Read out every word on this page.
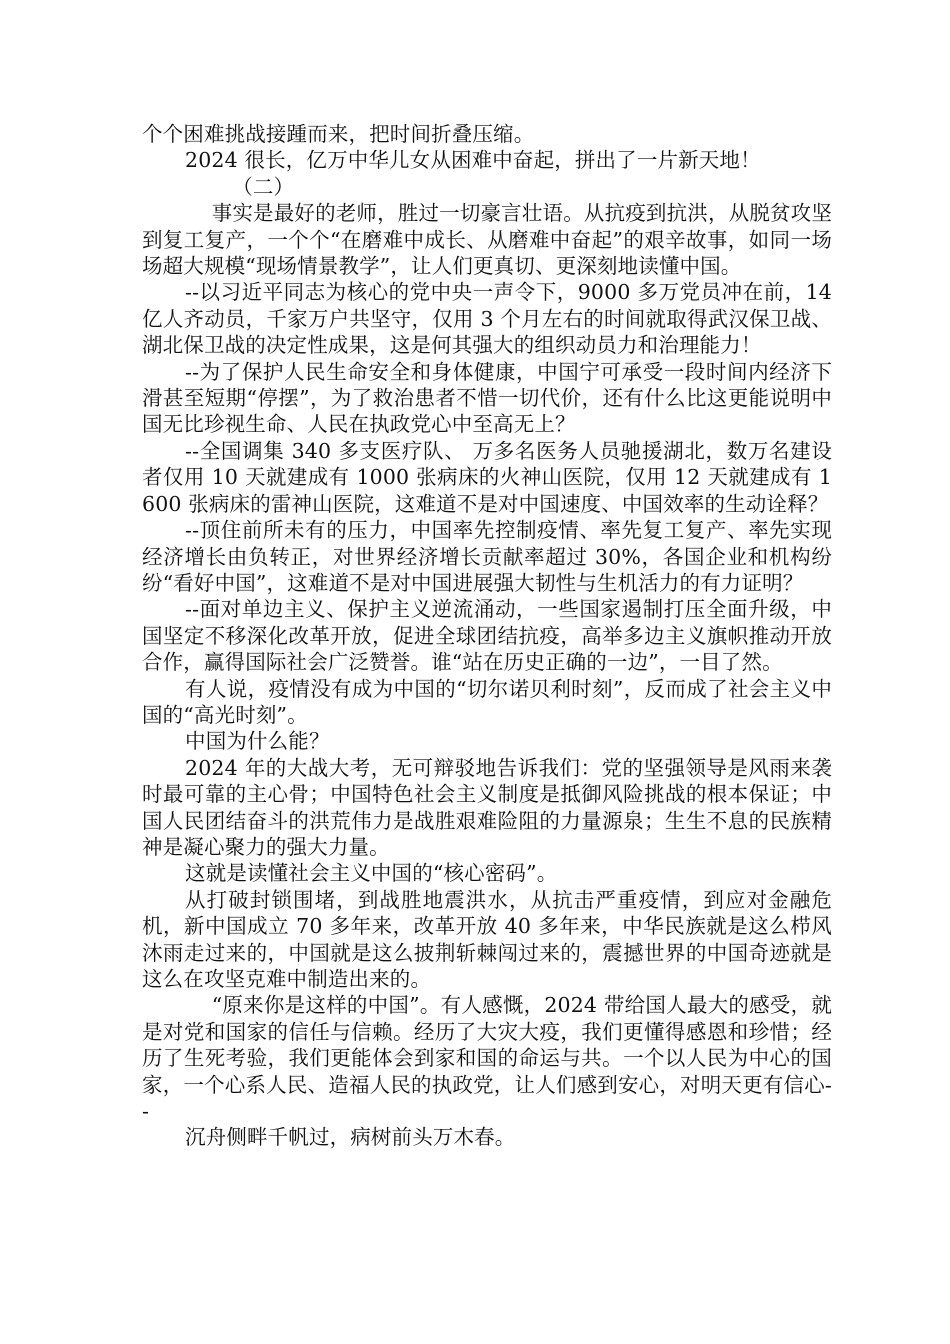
个个困难挑战接踵而来，把时间折叠压缩。

2024 很长，亿万中华儿女从困难中奋起，拼出了一片新天地！

（二）

事实是最好的老师，胜过一切豪言壮语。从抗疫到抗洪，从脱贫攻坚到复工复产，一个个“在磨难中成长、从磨难中奋起”的艰辛故事，如同一场场超大规模“现场情景教学”，让人们更真切、更深刻地读懂中国。

--以习近平同志为核心的党中央一声令下，9000 多万党员冲在前，14 亿人齐动员，千家万户共坚守，仅用 3 个月左右的时间就取得武汉保卫战、湖北保卫战的决定性成果，这是何其强大的组织动员力和治理能力！

--为了保护人民生命安全和身体健康，中国宁可承受一段时间内经济下滑甚至短期“停摆”，为了救治患者不惜一切代价，还有什么比这更能说明中国无比珍视生命、人民在执政党心中至高无上？

--全国调集 340 多支医疗队、 万多名医务人员驰援湖北，数万名建设者仅用 10 天就建成有 1000 张病床的火神山医院，仅用 12 天就建成有 1600 张病床的雷神山医院，这难道不是对中国速度、中国效率的生动诠释？

--顶住前所未有的压力，中国率先控制疫情、率先复工复产、率先实现经济增长由负转正，对世界经济增长贡献率超过 30%，各国企业和机构纷纷“看好中国”，这难道不是对中国进展强大韧性与生机活力的有力证明？

--面对单边主义、保护主义逆流涌动，一些国家遏制打压全面升级，中国坚定不移深化改革开放，促进全球团结抗疫，高举多边主义旗帜推动开放合作，赢得国际社会广泛赞誉。谁“站在历史正确的一边”，一目了然。

有人说，疫情没有成为中国的“切尔诺贝利时刻”，反而成了社会主义中国的“高光时刻”。

中国为什么能？

2024 年的大战大考，无可辩驳地告诉我们：党的坚强领导是风雨来袭时最可靠的主心骨；中国特色社会主义制度是抵御风险挑战的根本保证；中国人民团结奋斗的洪荒伟力是战胜艰难险阻的力量源泉；生生不息的民族精神是凝心聚力的强大力量。

这就是读懂社会主义中国的“核心密码”。

从打破封锁围堵，到战胜地震洪水，从抗击严重疫情，到应对金融危机，新中国成立 70 多年来，改革开放 40 多年来，中华民族就是这么栉风沐雨走过来的，中国就是这么披荆斩棘闯过来的，震撼世界的中国奇迹就是这么在攻坚克难中制造出来的。

“原来你是这样的中国”。有人感慨，2024 带给国人最大的感受，就是对党和国家的信任与信赖。经历了大灾大疫，我们更懂得感恩和珍惜；经历了生死考验，我们更能体会到家和国的命运与共。一个以人民为中心的国家，一个心系人民、造福人民的执政党，让人们感到安心，对明天更有信心--

沉舟侧畔千帆过，病树前头万木春。
